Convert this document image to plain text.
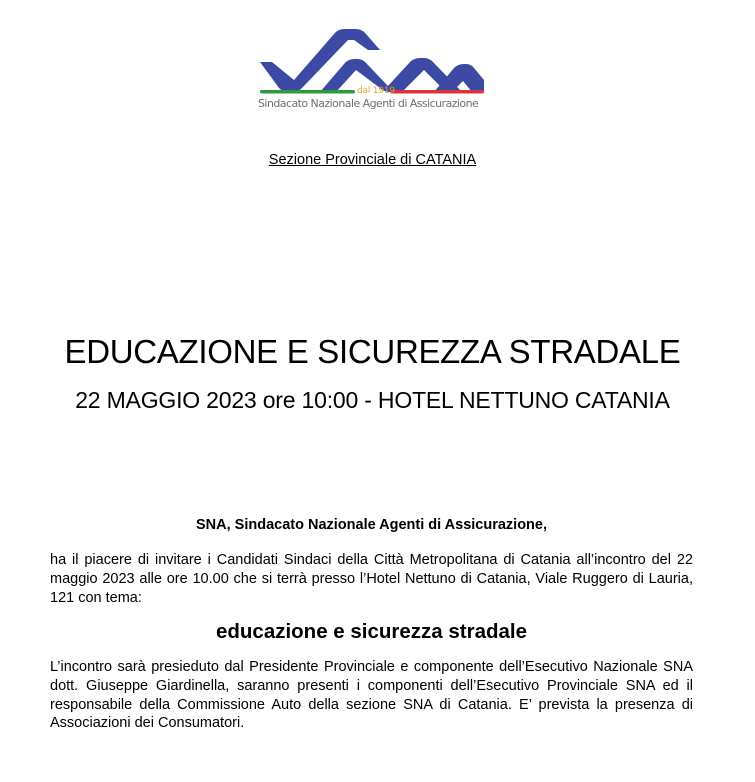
dal 1919
Sindacato Nazionale Agenti di Assicurazione
Sezione Provinciale di CATANIA
EDUCAZIONE E SICUREZZA STRADALE
22 MAGGIO 2023 ore 10:00 - HOTEL NETTUNO CATANIA
SNA, Sindacato Nazionale Agenti di Assicurazione,
ha il piacere di invitare i Candidati Sindaci della Città Metropolitana di Catania all’incontro del 22 maggio 2023 alle ore 10.00 che si terrà presso l’Hotel Nettuno di Catania, Viale Ruggero di Lauria, 121 con tema:
educazione e sicurezza stradale
L’incontro sarà presieduto dal Presidente Provinciale e componente dell’Esecutivo Nazionale SNA dott. Giuseppe Giardinella, saranno presenti i componenti dell’Esecutivo Provinciale SNA ed il responsabile della Commissione Auto della sezione SNA di Catania. E’ prevista la presenza di Associazioni dei Consumatori.
